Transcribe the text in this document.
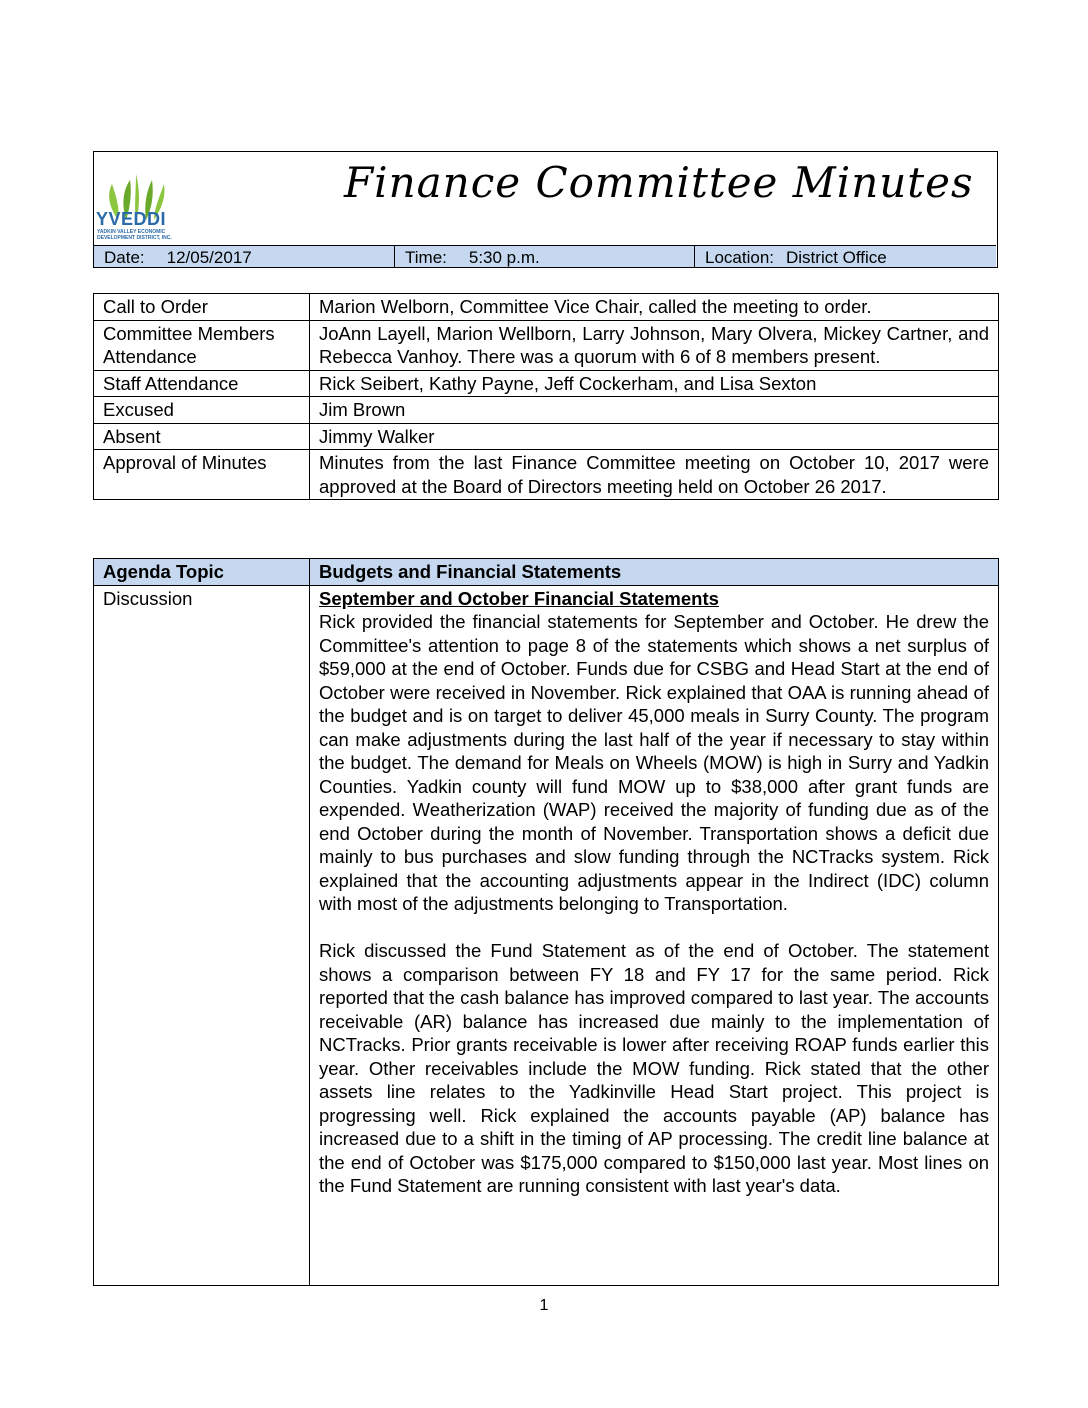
YVEDDI
YADKIN VALLEY ECONOMIC DEVELOPMENT DISTRICT, INC.
Finance Committee Minutes
Date: 12/05/2017	Time: 5:30 p.m.	Location: District Office
Call to Order	Marion Welborn, Committee Vice Chair, called the meeting to order.
Committee Members Attendance	JoAnn Layell, Marion Wellborn, Larry Johnson, Mary Olvera, Mickey Cartner, and Rebecca Vanhoy. There was a quorum with 6 of 8 members present.
Staff Attendance	Rick Seibert, Kathy Payne, Jeff Cockerham, and Lisa Sexton
Excused	Jim Brown
Absent	Jimmy Walker
Approval of Minutes	Minutes from the last Finance Committee meeting on October 10, 2017 were approved at the Board of Directors meeting held on October 26 2017.
Agenda Topic	Budgets and Financial Statements
Discussion	September and October Financial Statements

Rick provided the financial statements for September and October. He drew the Committee's attention to page 8 of the statements which shows a net surplus of $59,000 at the end of October. Funds due for CSBG and Head Start at the end of October were received in November. Rick explained that OAA is running ahead of the budget and is on target to deliver 45,000 meals in Surry County. The program can make adjustments during the last half of the year if necessary to stay within the budget. The demand for Meals on Wheels (MOW) is high in Surry and Yadkin Counties. Yadkin county will fund MOW up to $38,000 after grant funds are expended. Weatherization (WAP) received the majority of funding due as of the end October during the month of November. Transportation shows a deficit due mainly to bus purchases and slow funding through the NCTracks system. Rick explained that the accounting adjustments appear in the Indirect (IDC) column with most of the adjustments belonging to Transportation.

Rick discussed the Fund Statement as of the end of October. The statement shows a comparison between FY 18 and FY 17 for the same period. Rick reported that the cash balance has improved compared to last year. The accounts receivable (AR) balance has increased due mainly to the implementation of NCTracks. Prior grants receivable is lower after receiving ROAP funds earlier this year. Other receivables include the MOW funding. Rick stated that the other assets line relates to the Yadkinville Head Start project. This project is progressing well. Rick explained the accounts payable (AP) balance has increased due to a shift in the timing of AP processing. The credit line balance at the end of October was $175,000 compared to $150,000 last year. Most lines on the Fund Statement are running consistent with last year's data.

1
